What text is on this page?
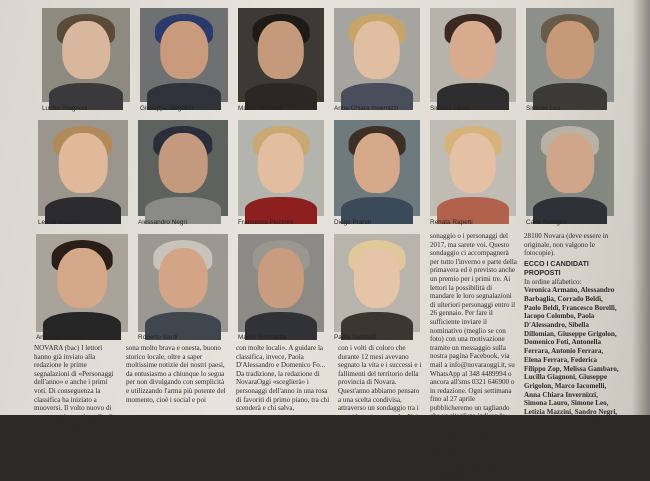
Lucilla Giagnoni	Giuseppe Grigolon	Marco Iacomelli	Anna Chiara Invernizzi	Simona Lauro	Simone Leo
Letizia Mazzini	Alessandro Negri	Francesca Piccinini	Diego Prandi	Renata Rapetti	Carlo Robiglio
Anna Ida Russo	Roberto Sardi	Mauro Trombetta	Paola Turchelli

28100 Novara (deve essere in originale, non valgono le fotocopie).

ECCO I CANDIDATI PROPOSTI

In ordine alfabetico:

Veronica Armano, Alessandro Barbaglia, Corrado Beldì, Paolo Beldì, Francesco Borelli, Iacopo Colombo, Paola D'Alessandro, Sibella Dillomian, Giuseppe Grigolon, Domenico Foti, Antonella Ferrara, Antonio Ferrara, Elena Ferrara, Federica Filippo Zop, Melissa Gambaro, Lucilla Giagnoni, Giuseppe Grigolon, Marco Iacomelli, Anna Chiara Invernizzi, Simona Lauro, Simone Leo, Letizia Mazzini, Sandro Negri, Francesca Piccinini, Diego Prandi, Renata Rapetti, Carlo Robiglio, Anna Ida Russo, Roberto Sardi, Mauro Trombetta, Paola Turchelli

NOVARA (bac) I lettori hanno già inviato alla redazione le prime segnalazioni di «Personaggi dell'anno» e anche i primi voti. Di conseguenza la classifica ha iniziato a muoversi. Il volto nuovo di questa settimana è quello di Giuseppe Grigolon con questa motivazione «per-
sona molto brava e onesta, buono storico locale, oltre a saper moltissime notizie dei nostri paesi, da entusiasmo a chiunque lo segua per non divulgando con semplicità e utilizzando l'arma più potente del momento, cioè i social e poi
con molte locali». A guidare la classifica, invece, Paola D'Alessandro e Domenico Fo... Da tradizione, la redazione di NovaraOggi «sceglierà» i personaggi dell'anno in una rosa di favoriti di primo piano, tra chi scenderà e chi salva,
con i volti di coloro che durante 12 mesi avevano segnato la vita e i successi e i fallimenti del territorio della provincia di Novara. Quest'anno abbiamo pensato a una scelta condivisa, attraverso un sondaggio tra i nostri lettori e non solo. Noi saremo noi a scegliere il per-
sonaggio o i personaggi del 2017, ma sarete voi. Questo sondaggio ci accompagnerà per tutto l'inverno e parte della primavera ed è previsto anche un premio per i primi tre. Ai lettori la possibilità di mandare le loro segnalazioni di ulteriori personaggi entro il 26 gennaio. Per fare il sufficiente inviare il nominativo (meglio se con foto) con una motivazione tramite un messaggio sulla nostra pagina Facebook, via mail a info@novaraoggi.it, su WhatsApp al 348 4489994 o ancora all'sms 0321 646900 o in redazione. Ogni settimana fino al 27 aprile pubblicheremo un tagliando che va ritagliato indicando nome e cognome del personaggio prescelto, così da fare salire in classifica. Il tagliando va consegnato in redazione oppure spedito a redazione NovaraOggi piazza Martiri della Libertà 3
